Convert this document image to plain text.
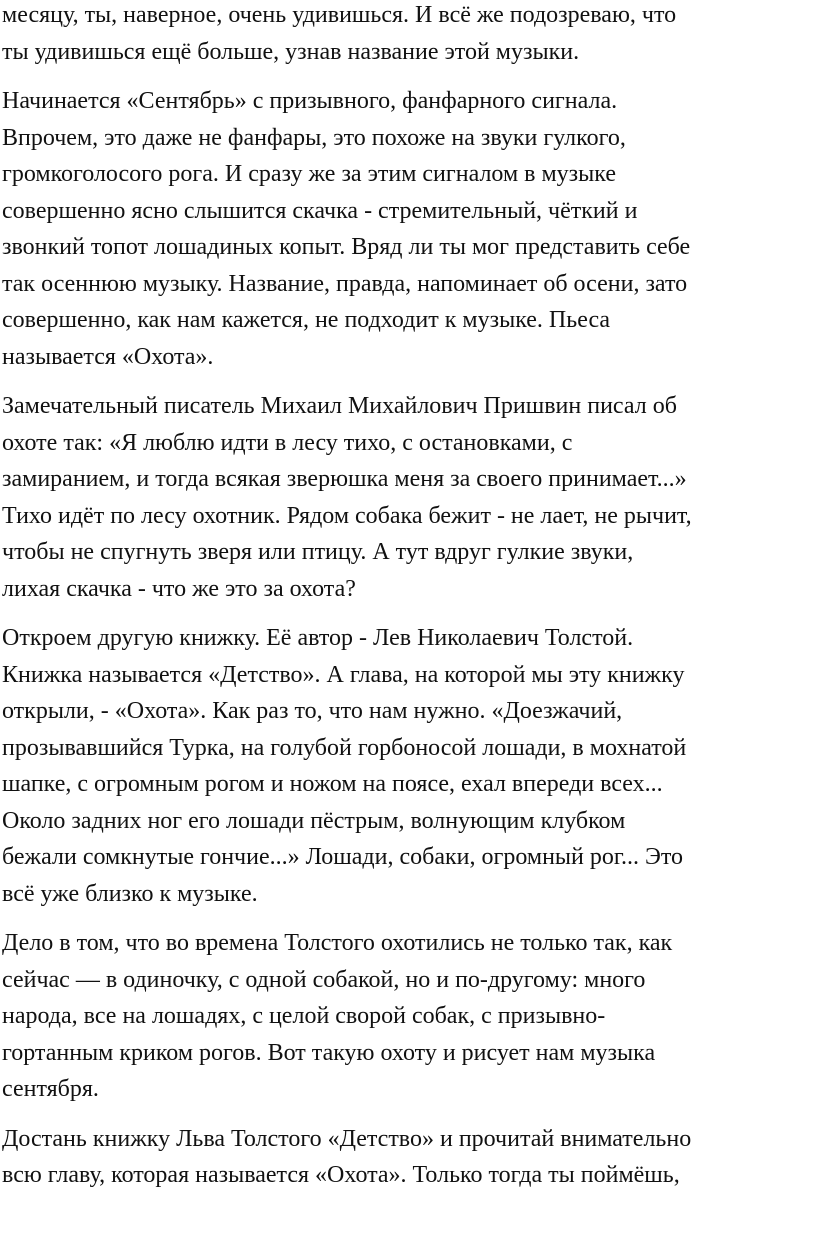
месяцу, ты, наверное, очень удивишься. И всё же подозреваю, что
ты удивишься ещё больше, узнав название этой музыки.

Начинается «Сентябрь» с призывного, фанфарного сигнала.
Впрочем, это даже не фанфары, это похоже на звуки гулкого,
громкоголосого рога. И сразу же за этим сигналом в музыке
совершенно ясно слышится скачка - стремительный, чёткий и
звонкий топот лошадиных копыт. Вряд ли ты мог представить себе
так осеннюю музыку. Название, правда, напоминает об осени, зато
совершенно, как нам кажется, не подходит к музыке. Пьеса
называется «Охота».

Замечательный писатель Михаил Михайлович Пришвин писал об
охоте так: «Я люблю идти в лесу тихо, с остановками, с
замиранием, и тогда всякая зверюшка меня за своего принимает...»
Тихо идёт по лесу охотник. Рядом собака бежит - не лает, не рычит,
чтобы не спугнуть зверя или птицу. А тут вдруг гулкие звуки,
лихая скачка - что же это за охота?

Откроем другую книжку. Её автор - Лев Николаевич Толстой.
Книжка называется «Детство». А глава, на которой мы эту книжку
открыли, - «Охота». Как раз то, что нам нужно. «Доезжачий,
прозывавшийся Турка, на голубой горбоносой лошади, в мохнатой
шапке, с огромным рогом и ножом на поясе, ехал впереди всех...
Около задних ног его лошади пёстрым, волнующим клубком
бежали сомкнутые гончие...» Лошади, собаки, огромный рог... Это
всё уже близко к музыке.

Дело в том, что во времена Толстого охотились не только так, как
сейчас — в одиночку, с одной собакой, но и по-другому: много
народа, все на лошадях, с целой сворой собак, с призывно-
гортанным криком рогов. Вот такую охоту и рисует нам музыка
сентября.

Достань книжку Льва Толстого «Детство» и прочитай внимательно
всю главу, которая называется «Охота». Только тогда ты поймёшь,
